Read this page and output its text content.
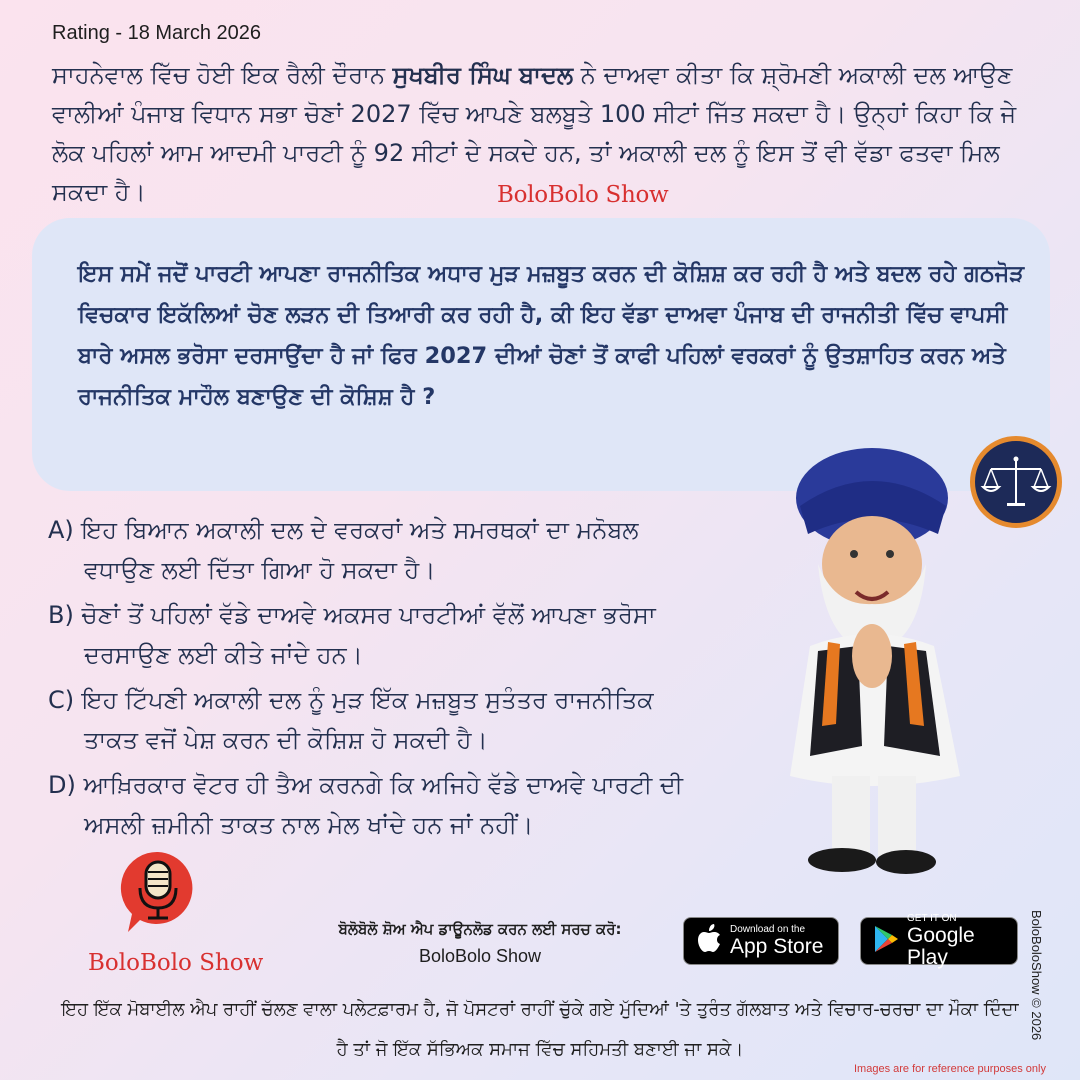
Rating - 18 March 2026
ਸਾਹਨੇਵਾਲ ਵਿੱਚ ਹੋਈ ਇਕ ਰੈਲੀ ਦੌਰਾਨ ਸੁਖਬੀਰ ਸਿੰਘ ਬਾਦਲ ਨੇ ਦਾਅਵਾ ਕੀਤਾ ਕਿ ਸ਼੍ਰੋਮਣੀ ਅਕਾਲੀ ਦਲ ਆਉਣ ਵਾਲੀਆਂ ਪੰਜਾਬ ਵਿਧਾਨ ਸਭਾ ਚੋਣਾਂ 2027 ਵਿੱਚ ਆਪਣੇ ਬਲਬੂਤੇ 100 ਸੀਟਾਂ ਜਿੱਤ ਸਕਦਾ ਹੈ। ਉਨ੍ਹਾਂ ਕਿਹਾ ਕਿ ਜੇ ਲੋਕ ਪਹਿਲਾਂ ਆਮ ਆਦਮੀ ਪਾਰਟੀ ਨੂੰ 92 ਸੀਟਾਂ ਦੇ ਸਕਦੇ ਹਨ, ਤਾਂ ਅਕਾਲੀ ਦਲ ਨੂੰ ਇਸ ਤੋਂ ਵੀ ਵੱਡਾ ਫਤਵਾ ਮਿਲ ਸਕਦਾ ਹੈ।	BoloBolo Show
ਇਸ ਸਮੇਂ ਜਦੋਂ ਪਾਰਟੀ ਆਪਣਾ ਰਾਜਨੀਤਿਕ ਅਧਾਰ ਮੁੜ ਮਜ਼ਬੂਤ ਕਰਨ ਦੀ ਕੋਸ਼ਿਸ਼ ਕਰ ਰਹੀ ਹੈ ਅਤੇ ਬਦਲ ਰਹੇ ਗਠਜੋੜ ਵਿਚਕਾਰ ਇਕੱਲਿਆਂ ਚੋਣ ਲੜਨ ਦੀ ਤਿਆਰੀ ਕਰ ਰਹੀ ਹੈ, ਕੀ ਇਹ ਵੱਡਾ ਦਾਅਵਾ ਪੰਜਾਬ ਦੀ ਰਾਜਨੀਤੀ ਵਿੱਚ ਵਾਪਸੀ ਬਾਰੇ ਅਸਲ ਭਰੋਸਾ ਦਰਸਾਉਂਦਾ ਹੈ ਜਾਂ ਫਿਰ 2027 ਦੀਆਂ ਚੋਣਾਂ ਤੋਂ ਕਾਫੀ ਪਹਿਲਾਂ ਵਰਕਰਾਂ ਨੂੰ ਉਤਸ਼ਾਹਿਤ ਕਰਨ ਅਤੇ ਰਾਜਨੀਤਿਕ ਮਾਹੌਲ ਬਣਾਉਣ ਦੀ ਕੋਸ਼ਿਸ਼ ਹੈ ?
A) ਇਹ ਬਿਆਨ ਅਕਾਲੀ ਦਲ ਦੇ ਵਰਕਰਾਂ ਅਤੇ ਸਮਰਥਕਾਂ ਦਾ ਮਨੋਬਲ
ਵਧਾਉਣ ਲਈ ਦਿੱਤਾ ਗਿਆ ਹੋ ਸਕਦਾ ਹੈ।
B) ਚੋਣਾਂ ਤੋਂ ਪਹਿਲਾਂ ਵੱਡੇ ਦਾਅਵੇ ਅਕਸਰ ਪਾਰਟੀਆਂ ਵੱਲੋਂ ਆਪਣਾ ਭਰੋਸਾ
ਦਰਸਾਉਣ ਲਈ ਕੀਤੇ ਜਾਂਦੇ ਹਨ।
C) ਇਹ ਟਿੱਪਣੀ ਅਕਾਲੀ ਦਲ ਨੂੰ ਮੁੜ ਇੱਕ ਮਜ਼ਬੂਤ ਸੁਤੰਤਰ ਰਾਜਨੀਤਿਕ
ਤਾਕਤ ਵਜੋਂ ਪੇਸ਼ ਕਰਨ ਦੀ ਕੋਸ਼ਿਸ਼ ਹੋ ਸਕਦੀ ਹੈ।
D) ਆਖ਼ਿਰਕਾਰ ਵੋਟਰ ਹੀ ਤੈਅ ਕਰਨਗੇ ਕਿ ਅਜਿਹੇ ਵੱਡੇ ਦਾਅਵੇ ਪਾਰਟੀ ਦੀ
ਅਸਲੀ ਜ਼ਮੀਨੀ ਤਾਕਤ ਨਾਲ ਮੇਲ ਖਾਂਦੇ ਹਨ ਜਾਂ ਨਹੀਂ।
BoloBolo Show
ਬੋਲੋਬੋਲੋ ਸ਼ੋਅ ਐਪ ਡਾਊਨਲੋਡ ਕਰਨ ਲਈ ਸਰਚ ਕਰੋ:
BoloBolo Show
Download on the
App Store
GET IT ON
Google Play
ਇਹ ਇੱਕ ਮੋਬਾਈਲ ਐਪ ਰਾਹੀਂ ਚੱਲਣ ਵਾਲਾ ਪਲੇਟਫ਼ਾਰਮ ਹੈ, ਜੋ ਪੋਸਟਰਾਂ ਰਾਹੀਂ ਚੁੱਕੇ ਗਏ ਮੁੱਦਿਆਂ 'ਤੇ ਤੁਰੰਤ ਗੱਲਬਾਤ ਅਤੇ ਵਿਚਾਰ-ਚਰਚਾ ਦਾ ਮੌਕਾ ਦਿੰਦਾ ਹੈ ਤਾਂ ਜੋ ਇੱਕ ਸੱਭਿਅਕ ਸਮਾਜ ਵਿੱਚ ਸਹਿਮਤੀ ਬਣਾਈ ਜਾ ਸਕੇ।
BoloBoloShow © 2026
Images are for reference purposes only
